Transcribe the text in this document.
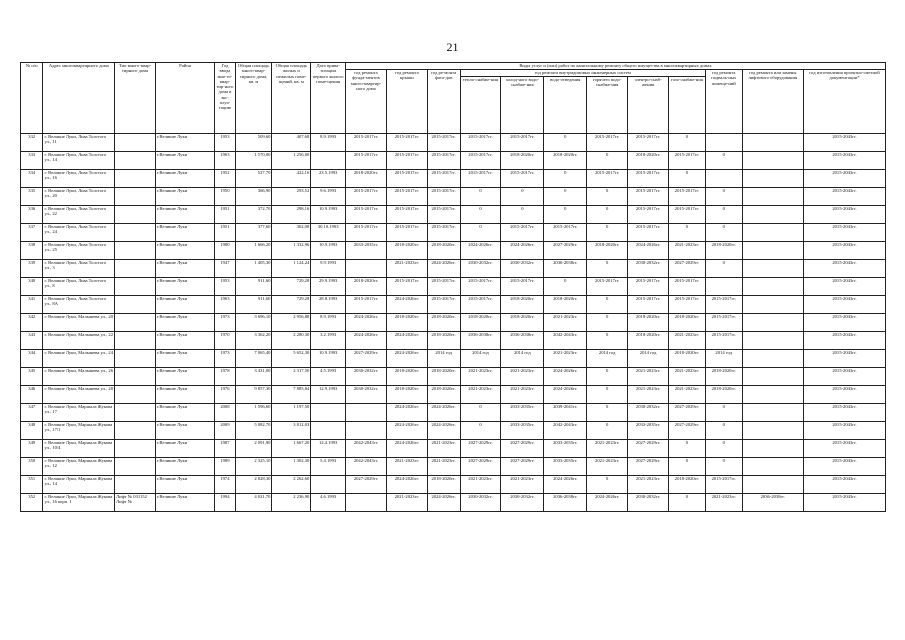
21
№ п/п	Адрес многоквартирного дома	Тип много-квар-тирного дома	Район	Год ввода мно-го-квар-тир-ного дома в экс-плуа-тацию	Общая площадь много-квар-тирного дома, кв. м	Общая площадь жилых и нежилых поме-щений, кв. м	Дата прива-тизации первого жилого поме-щения	Виды услуг и (или) работ по капитальному ремонту общего имущества в многоквартирных домах											
								год ремонта фунда-ментов много-квартир-ного дома	год ремонта крыши	год ре-монта фаса-дов	год ремонта внутридомовых инженерных систем						год ремонта подваль-ных помеще-ний	год ремонта или замены лифтового оборудования	год изготовления проектно-сметной документации*
											тепло-снабже-ния	холод-ного водо-снабже-ния	водо-отведения	горячего водо-снабже-ния	электро-снаб-жения	газо-снабже-ния			
332	г. Великие Луки, Льва Толстого ул., 11		г.Великие Луки	1953	509,60	407,68	8.9.1993	2015-2017гг.	2015-2017гг.	2015-2017гг.	2015-2017гг.	2015-2017гг.	0	2015-2017гг.	2015-2017гг.	0			2015-2043гг.
333	г. Великие Луки, Льва Толстого ул., 14		г.Великие Луки	1963	1 570,00	1 256,00		2015-2017гг.	2015-2017гг.	2015-2017гг.	2015-2017гг.	2018-2020гг.	2018-2020гг.	0	2018-2020гг.	2015-2017гг.	0		2015-2043гг.
334	г. Великие Луки, Льва Толстого ул., 16		г.Великие Луки	1952	527,70	422,16	23.5.1993	2018-2020гг.	2015-2017гг.	2015-2017гг.	2015-2017гг.	2015-2017гг.	0	2015-2017гг.	2015-2017гг.	0			2015-2043гг.
335	г. Великие Луки, Льва Толстого ул., 20		г.Великие Луки	1950	366,90	293,52	9.6.1993	2015-2017гг.	2015-2017гг.	2015-2017гг.	0	0	0	0	2015-2017гг.	2015-2017гг.	0		2015-2043гг.
336	г. Великие Луки, Льва Толстого ул., 22		г.Великие Луки	1951	372,70	298,16	10.9.1993	2015-2017гг.	2015-2017гг.	2015-2017гг.	0	0	0	0	2015-2017гг.	2015-2017гг.	0		2015-2043гг.
337	г. Великие Луки, Льва Толстого ул., 24		г.Великие Луки	1951	377,60	302,08	30.10.1993	2015-2017гг.	2015-2017гг.	2015-2017гг.	0	2015-2017гг.	2015-2017гг.	0	2015-2017гг.	0	0		2015-2043гг.
338	г. Великие Луки, Льва Толстого ул., 25		г.Великие Луки	1980	1 666,20	1 332,96	10.9.1993	2033-2035гг.	2018-2020гг.	2018-2020гг.	2024-2026гг.	2024-2026гг.	2027-2029гг.	2018-2020гг.	2024-2026гг.	2021-2023гг.	2018-2020гг.		2015-2043гг.
339	г. Великие Луки, Льва Толстого ул., 3		г.Великие Луки	1947	1 405,30	1 124,24	9.9.1993		2021-2023гг.	2024-2026гг.	2030-2032гг.	2030-2032гг.	2036-2038гг.	0	2030-2032гг.	2027-2029гг.	0		2015-2043гг.
340	г. Великие Луки, Льва Толстого ул., 8		г.Великие Луки	1953	911,60	729,28	29.9.1993	2018-2020гг.	2015-2017гг.	2015-2017гг.	2015-2017гг.	2015-2017гг.	0	2015-2017гг.	2015-2017гг.	2015-2017гг.			2015-2043гг.
341	г. Великие Луки, Льва Толстого ул., 8А		г.Великие Луки	1963	911,60	729,28	28.8.1993	2015-2017гг.	2024-2026гг.	2015-2017гг.	2015-2017гг.	2018-2020гг.	2018-2020гг.	0	2015-2017гг.	2015-2017гг.	2015-2017гг.		2015-2043гг.
342	г. Великие Луки, Малышева ул., 20		г.Великие Луки	1973	3 696,10	2 956,88	8.9.1993	2024-2026гг.	2018-2020гг.	2018-2020гг.	2018-2020гг.	2018-2020гг.	2021-2023гг.	0	2018-2020гг.	2018-2020гг.	2015-2017гг.		2015-2043гг.
343	г. Великие Луки, Малышева ул., 22		г.Великие Луки	1970	3 362,20	2 280,30	3.2.1993	2024-2026гг.	2024-2026гг.	2018-2020гг.	2036-2038гг.	2036-2038гг.	2042-2043гг.	0	2018-2020гг.	2021-2023гг.	2015-2017гг.		2015-2043гг.
344	г. Великие Луки, Малышева ул., 24		г.Великие Луки	1973	7 065,40	5 652,30	10.9.1993	2027-2029гг.	2024-2026гг.	2014 год	2014 год	2014 год	2021-2023гг.	2014 год	2014 год	2018-2020гг.	2014 год		2015-2043гг.
345	г. Великие Луки, Малышева ул., 26		г.Великие Луки	1978	3 431,00	2 317,50	4.5.1993	2030-2032гг.	2018-2020гг.	2018-2020гг.	2021-2023гг.	2021-2023гг.	2024-2026гг.	0	2021-2023гг.	2021-2023гг.	2018-2020гг.		2015-2043гг.
346	г. Великие Луки, Малышева ул., 28		г.Великие Луки	1976	9 857,30	7 885,84	12.9.1993	2030-2032гг.	2018-2020гг.	2018-2020гг.	2021-2023гг.	2021-2023гг.	2024-2026гг.	0	2021-2023гг.	2021-2023гг.	2018-2020гг.		2015-2043гг.
347	г. Великие Луки, Маршала Жукова ул., 17		г.Великие Луки	2008	1 596,60	1 197,50			2024-2026гг.	2024-2026гг.	0	2033-2035гг.	2039-2041гг.	0	2030-2032гг.	2027-2029гг.	0		2015-2043гг.
348	г. Великие Луки, Маршала Жукова ул., 17/1		г.Великие Луки	2009	5 082,70	3 812,03			2024-2026гг.	2024-2026гг.	0	2033-2035гг.	2042-2043гг.	0	2033-2035гг.	2027-2029гг.	0		2015-2043гг.
349	г. Великие Луки, Маршала Жукова ул., 10/4		г.Великие Луки	1987	2 091,90	1 667,20	12.4.1993	2042-2043гг.	2024-2026гг.	2021-2023гг.	2027-2029гг.	2027-2029гг.	2033-2035гг.	2021-2023гг.	2027-2029гг.	0	0		2015-2043гг.
350	г. Великие Луки, Маршала Жукова ул., 12		г.Великие Луки	1989	2 325,10	1 302,30	5.4.1993	2042-2043гг.	2021-2023гг.	2021-2023гг.	2027-2029гг.	2027-2029гг.	2033-2035гг.	2021-2023гг.	2027-2029гг.	0	0		2015-2043гг.
351	г. Великие Луки, Маршала Жукова ул., 14		г.Великие Луки	1974	2 828,30	2 262,60		2027-2029гг.	2024-2026гг.	2018-2020гг.	2021-2023гг.	2021-2023гг.	2024-2026гг.	0	2021-2023гг.	2018-2020гг.	2015-2017гг.		2015-2043гг.
352	г. Великие Луки, Маршала Жукова ул., 16 корп. 1	Лифт № 031152 Лифт №	г.Великие Луки	1994	4 021,70	2 236,90	4.6.1993		2021-2023гг.	2024-2026гг.	2030-2032гг.	2030-2032гг.	2036-2038гг.	2024-2026гг.	2030-2032гг.	0	2021-2023гг.	2036-2038гг.	2015-2043гг.
